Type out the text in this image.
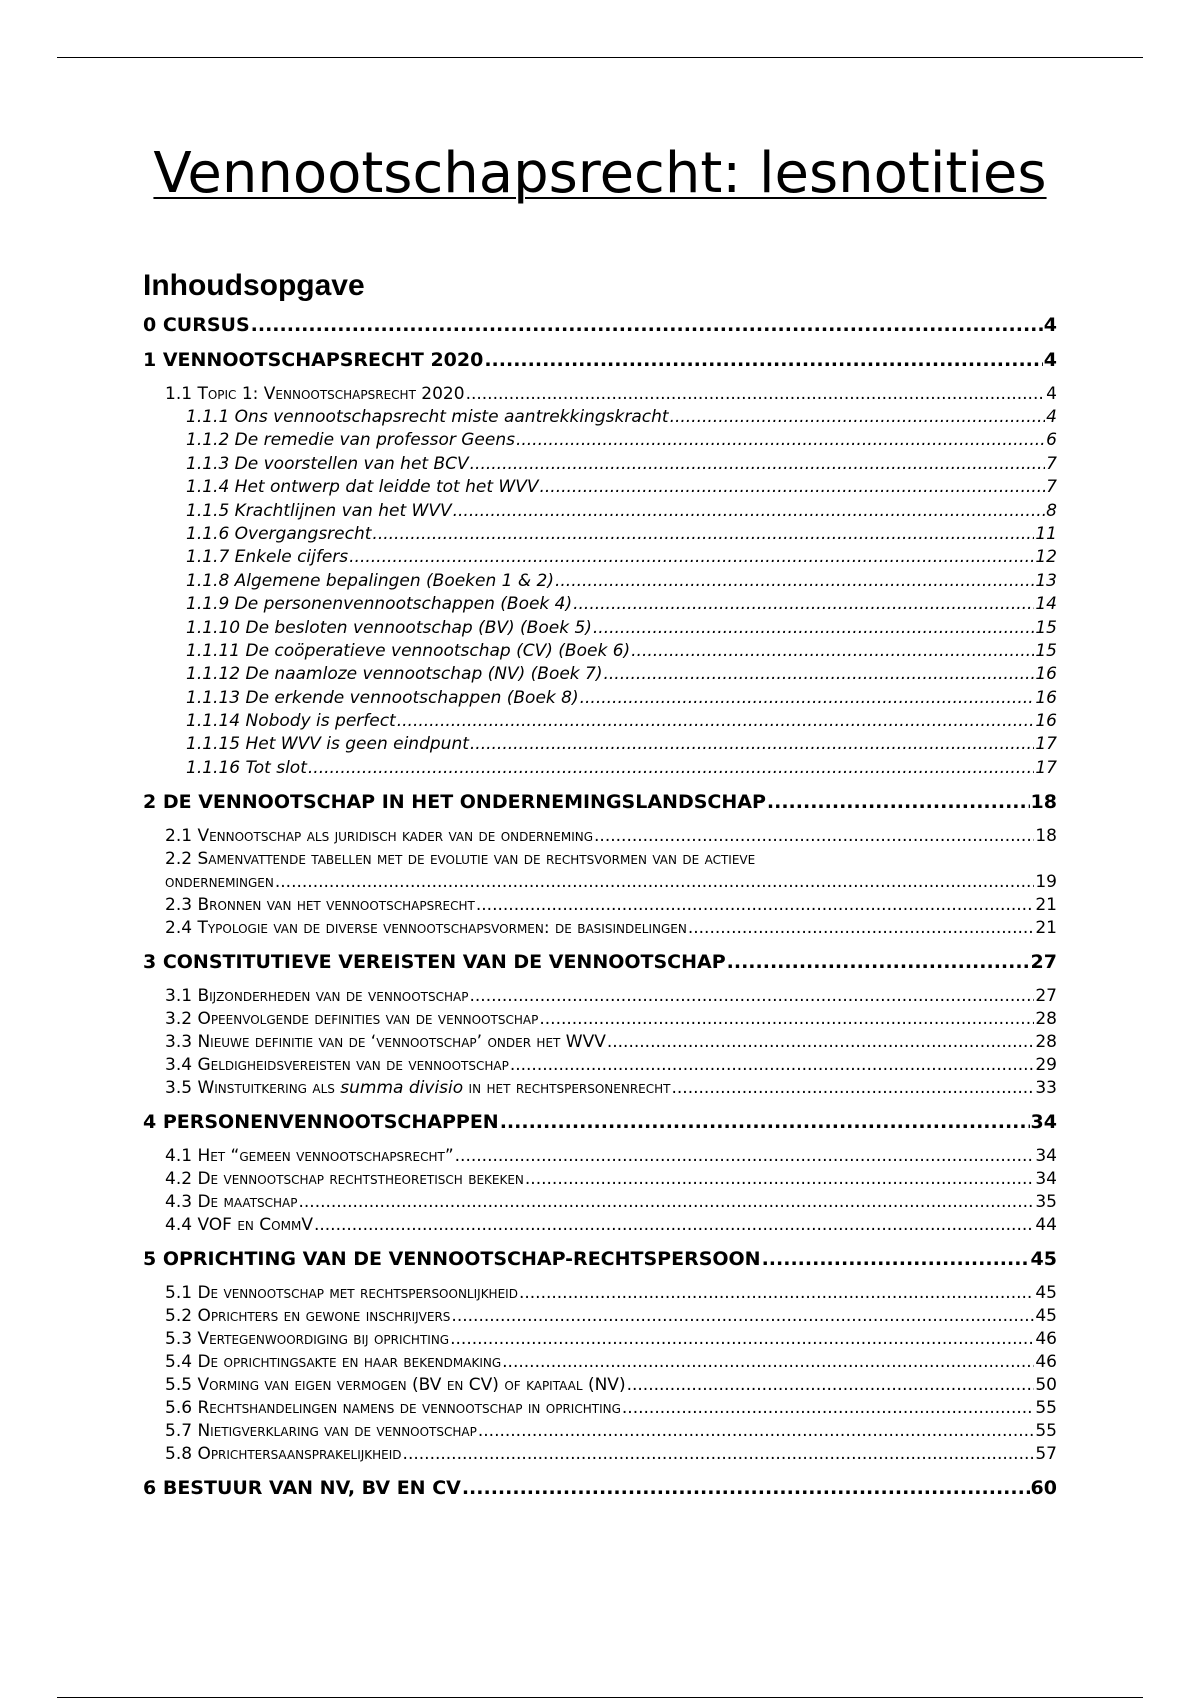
Vennootschapsrecht: lesnotities
Inhoudsopgave
0 CURSUS .....	4
1 VENNOOTSCHAPSRECHT 2020 .....	4
1.1 Topic 1: Vennootschapsrecht 2020 .....	4
1.1.1 Ons vennootschapsrecht miste aantrekkingskracht .....	4
1.1.2 De remedie van professor Geens .....	6
1.1.3 De voorstellen van het BCV .....	7
1.1.4 Het ontwerp dat leidde tot het WVV .....	7
1.1.5 Krachtlijnen van het WVV .....	8
1.1.6 Overgangsrecht .....	11
1.1.7 Enkele cijfers .....	12
1.1.8 Algemene bepalingen (Boeken 1 & 2) .....	13
1.1.9 De personenvennootschappen (Boek 4) .....	14
1.1.10 De besloten vennootschap (BV) (Boek 5) .....	15
1.1.11 De coöperatieve vennootschap (CV) (Boek 6) .....	15
1.1.12 De naamloze vennootschap (NV) (Boek 7) .....	16
1.1.13 De erkende vennootschappen (Boek 8) .....	16
1.1.14 Nobody is perfect .....	16
1.1.15 Het WVV is geen eindpunt .....	17
1.1.16 Tot slot .....	17
2 DE VENNOOTSCHAP IN HET ONDERNEMINGSLANDSCHAP .....	18
2.1 Vennootschap als juridisch kader van de onderneming .....	18
2.2 Samenvattende tabellen met de evolutie van de rechtsvormen van de actieve
ondernemingen .....	19
2.3 Bronnen van het vennootschapsrecht .....	21
2.4 Typologie van de diverse vennootschapsvormen: de basisindelingen .....	21
3 CONSTITUTIEVE VEREISTEN VAN DE VENNOOTSCHAP .....	27
3.1 Bijzonderheden van de vennootschap .....	27
3.2 Opeenvolgende definities van de vennootschap .....	28
3.3 Nieuwe definitie van de ‘vennootschap’ onder het WVV .....	28
3.4 Geldigheidsvereisten van de vennootschap .....	29
3.5 Winstuitkering als summa divisio in het rechtspersonenrecht .....	33
4 PERSONENVENNOOTSCHAPPEN .....	34
4.1 Het “gemeen vennootschapsrecht” .....	34
4.2 De vennootschap rechtstheoretisch bekeken .....	34
4.3 De maatschap .....	35
4.4 VOF en CommV .....	44
5 OPRICHTING VAN DE VENNOOTSCHAP-RECHTSPERSOON .....	45
5.1 De vennootschap met rechtspersoonlijkheid .....	45
5.2 Oprichters en gewone inschrijvers .....	45
5.3 Vertegenwoordiging bij oprichting .....	46
5.4 De oprichtingsakte en haar bekendmaking .....	46
5.5 Vorming van eigen vermogen (BV en CV) of kapitaal (NV) .....	50
5.6 Rechtshandelingen namens de vennootschap in oprichting .....	55
5.7 Nietigverklaring van de vennootschap .....	55
5.8 Oprichtersaansprakelijkheid .....	57
6 BESTUUR VAN NV, BV EN CV .....	60
